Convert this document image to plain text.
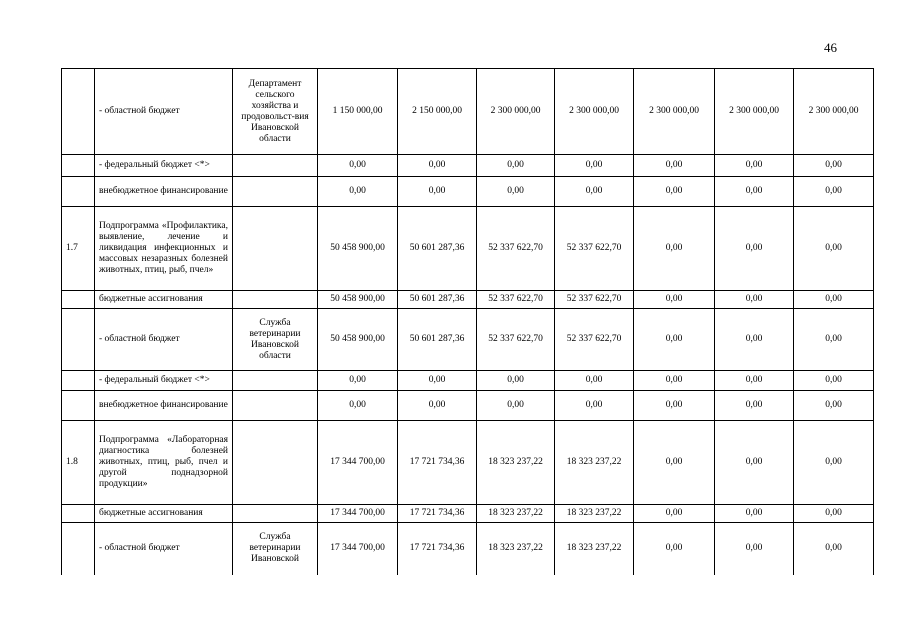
46
	- областной бюджет	Департамент сельского хозяйства и продовольст-вия Ивановской области	1 150 000,00	2 150 000,00	2 300 000,00	2 300 000,00	2 300 000,00	2 300 000,00	2 300 000,00
	- федеральный бюджет <*>		0,00	0,00	0,00	0,00	0,00	0,00	0,00
	внебюджетное финансирование		0,00	0,00	0,00	0,00	0,00	0,00	0,00
1.7	Подпрограмма «Профилактика, выявление, лечение и ликвидация инфекционных и массовых незаразных болезней животных, птиц, рыб, пчел»		50 458 900,00	50 601 287,36	52 337 622,70	52 337 622,70	0,00	0,00	0,00
	бюджетные ассигнования		50 458 900,00	50 601 287,36	52 337 622,70	52 337 622,70	0,00	0,00	0,00
	- областной бюджет	Служба ветеринарии Ивановской области	50 458 900,00	50 601 287,36	52 337 622,70	52 337 622,70	0,00	0,00	0,00
	- федеральный бюджет <*>		0,00	0,00	0,00	0,00	0,00	0,00	0,00
	внебюджетное финансирование		0,00	0,00	0,00	0,00	0,00	0,00	0,00
1.8	Подпрограмма «Лабораторная диагностика болезней животных, птиц, рыб, пчел и другой поднадзорной продукции»		17 344 700,00	17 721 734,36	18 323 237,22	18 323 237,22	0,00	0,00	0,00
	бюджетные ассигнования		17 344 700,00	17 721 734,36	18 323 237,22	18 323 237,22	0,00	0,00	0,00
	- областной бюджет	Служба ветеринарии Ивановской	17 344 700,00	17 721 734,36	18 323 237,22	18 323 237,22	0,00	0,00	0,00
